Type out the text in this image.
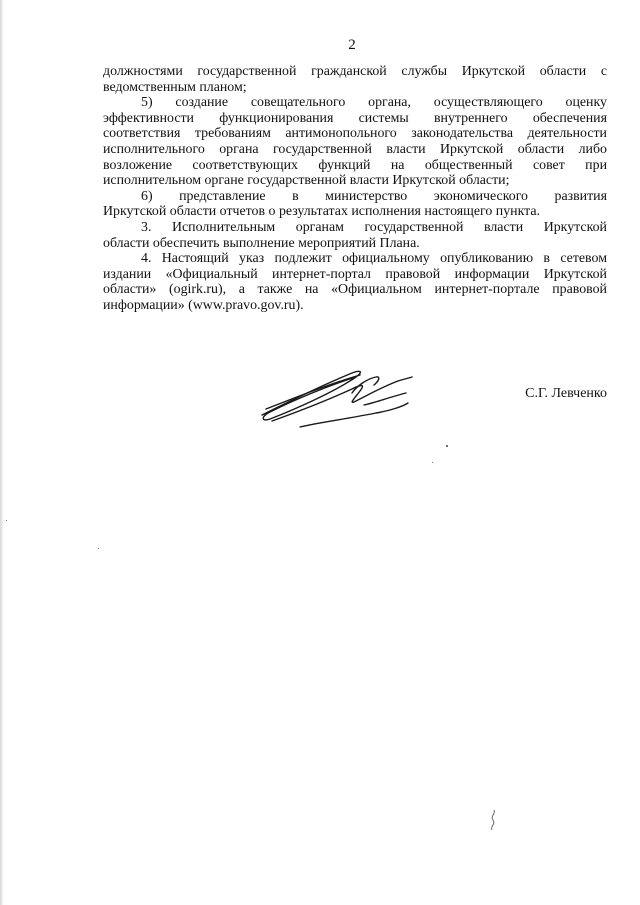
2
должностями государственной гражданской службы Иркутской области с
ведомственным планом;
5) создание совещательного органа, осуществляющего оценку
эффективности функционирования системы внутреннего обеспечения
соответствия требованиям антимонопольного законодательства деятельности
исполнительного органа государственной власти Иркутской области либо
возложение соответствующих функций на общественный совет при
исполнительном органе государственной власти Иркутской области;
6) представление в министерство экономического развития
Иркутской области отчетов о результатах исполнения настоящего пункта.
3. Исполнительным органам государственной власти Иркутской
области обеспечить выполнение мероприятий Плана.
4. Настоящий указ подлежит официальному опубликованию в сетевом
издании «Официальный интернет-портал правовой информации Иркутской
области» (ogirk.ru), а также на «Официальном интернет-портале правовой
информации» (www.pravo.gov.ru).
С.Г. Левченко
